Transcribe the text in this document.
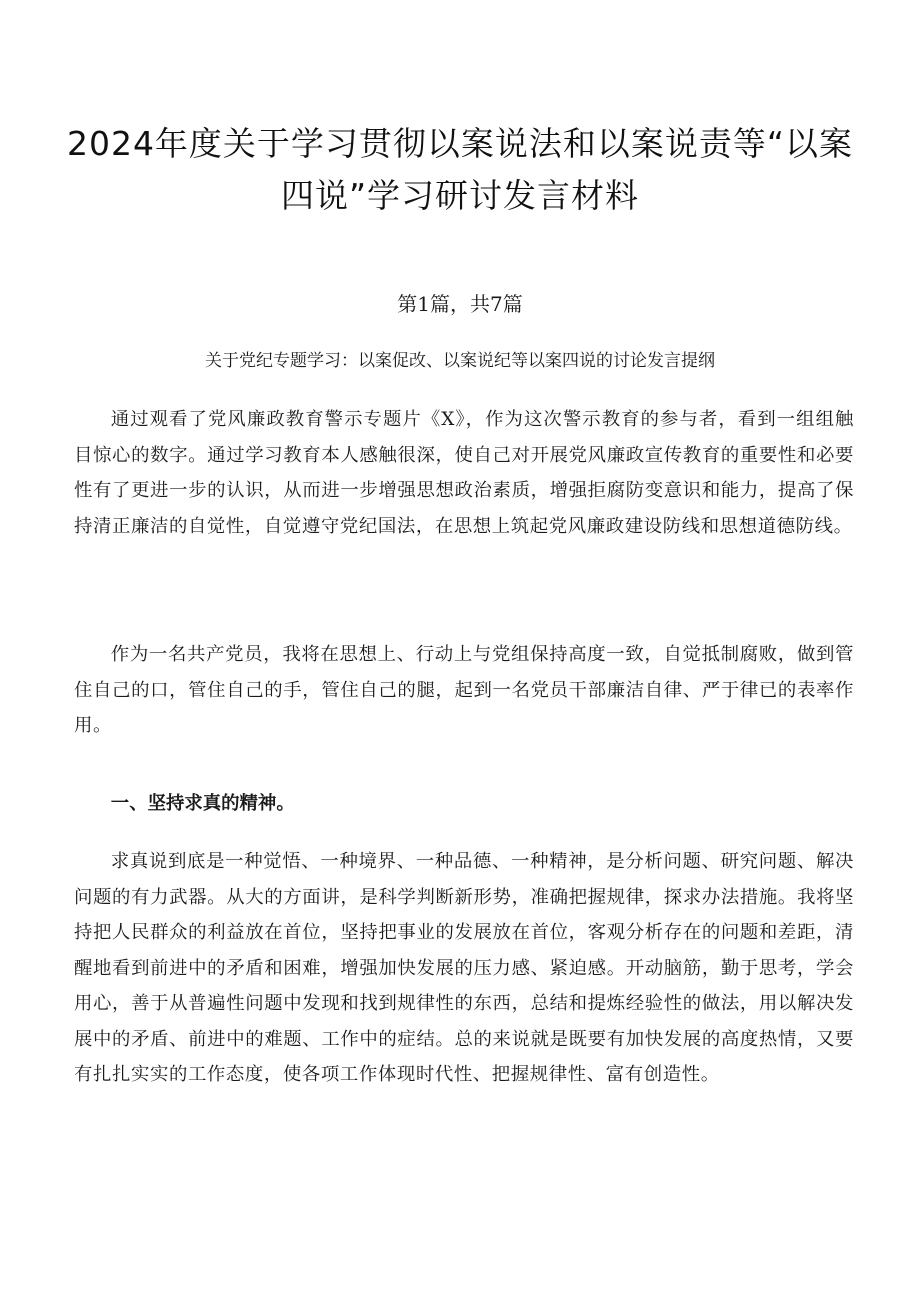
2024年度关于学习贯彻以案说法和以案说责等“以案四说”学习研讨发言材料
第1篇，共7篇
关于党纪专题学习：以案促改、以案说纪等以案四说的讨论发言提纲

通过观看了党风廉政教育警示专题片《X》，作为这次警示教育的参与者，看到一组组触目惊心的数字。通过学习教育本人感触很深，使自己对开展党风廉政宣传教育的重要性和必要性有了更进一步的认识，从而进一步增强思想政治素质，增强拒腐防变意识和能力，提高了保持清正廉洁的自觉性，自觉遵守党纪国法，在思想上筑起党风廉政建设防线和思想道德防线。

作为一名共产党员，我将在思想上、行动上与党组保持高度一致，自觉抵制腐败，做到管住自己的口，管住自己的手，管住自己的腿，起到一名党员干部廉洁自律、严于律已的表率作用。

一、坚持求真的精神。

求真说到底是一种觉悟、一种境界、一种品德、一种精神，是分析问题、研究问题、解决问题的有力武器。从大的方面讲，是科学判断新形势，准确把握规律，探求办法措施。我将坚持把人民群众的利益放在首位，坚持把事业的发展放在首位，客观分析存在的问题和差距，清醒地看到前进中的矛盾和困难，增强加快发展的压力感、紧迫感。开动脑筋，勤于思考，学会用心，善于从普遍性问题中发现和找到规律性的东西，总结和提炼经验性的做法，用以解决发展中的矛盾、前进中的难题、工作中的症结。总的来说就是既要有加快发展的高度热情，又要有扎扎实实的工作态度，使各项工作体现时代性、把握规律性、富有创造性。
